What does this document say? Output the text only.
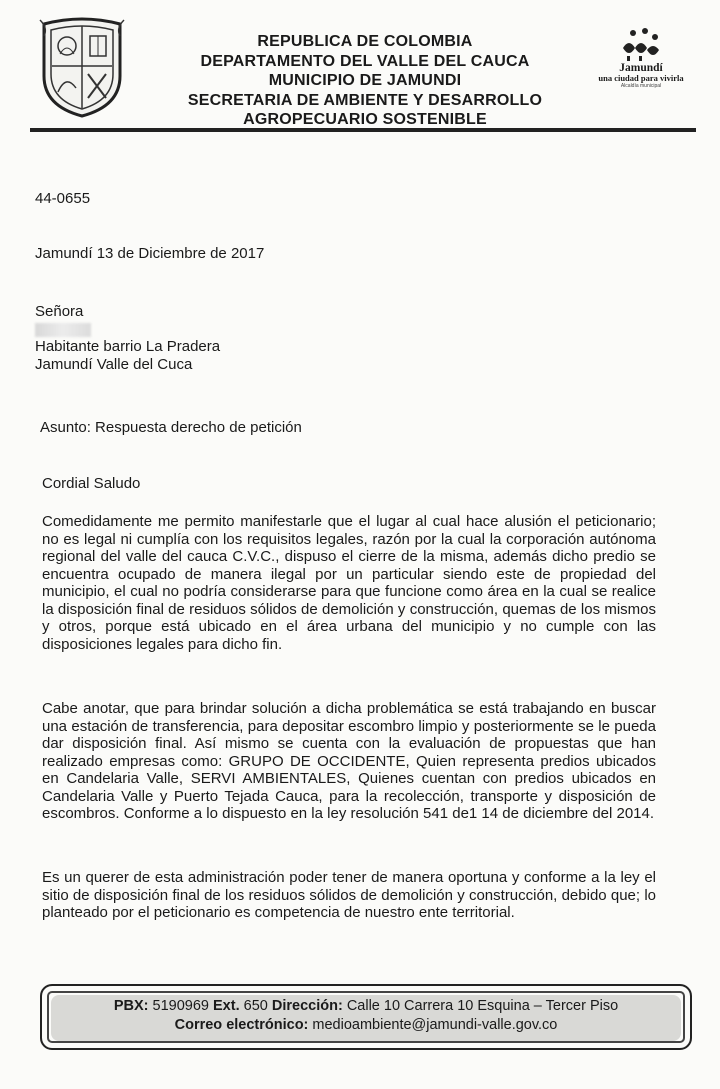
REPUBLICA DE COLOMBIA
DEPARTAMENTO DEL VALLE DEL CAUCA
MUNICIPIO DE JAMUNDI
SECRETARIA DE AMBIENTE Y DESARROLLO
AGROPECUARIO SOSTENIBLE
Jamundí
una ciudad para vivirla
Alcaldía municipal
44-0655
Jamundí 13 de Diciembre de 2017
Señora
Habitante barrio La Pradera
Jamundí Valle del Cuca
Asunto: Respuesta derecho de petición
Cordial Saludo
Comedidamente me permito manifestarle que el lugar al cual hace alusión el peticionario; no es legal ni cumplía con los requisitos legales, razón por la cual la corporación autónoma regional del valle del cauca C.V.C., dispuso el cierre de la misma, además dicho predio se encuentra ocupado de manera ilegal por un particular siendo este de propiedad del municipio, el cual no podría considerarse para que funcione como área en la cual se realice la disposición final de residuos sólidos de demolición y construcción, quemas de los mismos y otros, porque está ubicado en el área urbana del municipio y no cumple con las disposiciones legales para dicho fin.
Cabe anotar, que para brindar solución a dicha problemática se está trabajando en buscar una estación de transferencia, para depositar escombro limpio y posteriormente se le pueda dar disposición final. Así mismo se cuenta con la evaluación de propuestas que han realizado empresas como: GRUPO DE OCCIDENTE, Quien representa predios ubicados en Candelaria Valle, SERVI AMBIENTALES, Quienes cuentan con predios ubicados en Candelaria Valle y Puerto Tejada Cauca, para la recolección, transporte y disposición de escombros. Conforme a lo dispuesto en la ley resolución 541 de1 14 de diciembre del 2014.
Es un querer de esta administración poder tener de manera oportuna y conforme a la ley el sitio de disposición final de los residuos sólidos de demolición y construcción, debido que; lo planteado por el peticionario es competencia de nuestro ente territorial.
PBX: 5190969 Ext. 650 Dirección: Calle 10 Carrera 10 Esquina – Tercer Piso
Correo electrónico: medioambiente@jamundi-valle.gov.co
